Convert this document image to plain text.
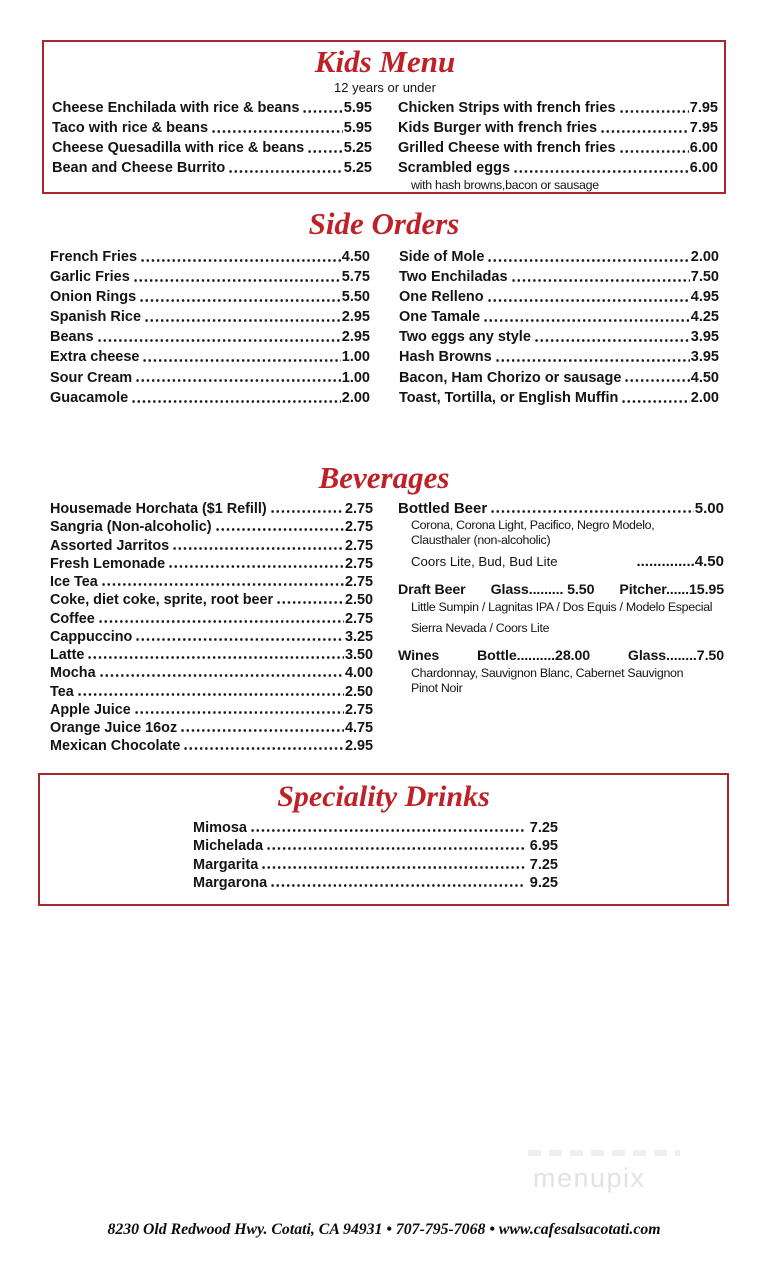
Kids Menu

12 years or under

Cheese Enchilada with rice & beans	5.95
Taco with rice & beans	5.95
Cheese Quesadilla with rice & beans	5.25
Bean and Cheese Burrito	5.25
Chicken Strips with french fries	7.95
Kids Burger with french fries	7.95
Grilled Cheese with french fries	6.00
Scrambled eggs	6.00

with hash browns,bacon or sausage

Side Orders
French Fries	4.50
Garlic Fries	5.75
Onion Rings	5.50
Spanish Rice	2.95
Beans	2.95
Extra cheese	1.00
Sour Cream	1.00
Guacamole	2.00
Side of Mole	2.00
Two Enchiladas	7.50
One Relleno	4.95
One Tamale	4.25
Two eggs any style	3.95
Hash Browns	3.95
Bacon, Ham Chorizo or sausage	4.50
Toast, Tortilla, or English Muffin	2.00
Beverages
Housemade Horchata ($1 Refill)	2.75
Sangria (Non-alcoholic)	2.75
Assorted Jarritos	2.75
Fresh Lemonade	2.75
Ice Tea	2.75
Coke, diet coke, sprite, root beer	2.50
Coffee	2.75
Cappuccino	3.25
Latte	3.50
Mocha	4.00
Tea	2.50
Apple Juice	2.75
Orange Juice 16oz	4.75
Mexican Chocolate	2.95
Bottled Beer	5.00

Corona, Corona Light, Pacifico, Negro Modelo,

Clausthaler (non-alcoholic)

Coors Lite, Bud, Bud Lite	..............4.50
Draft Beer Glass......... 5.50 Pitcher......15.95

Little Sumpin / Lagnitas IPA / Dos Equis / Modelo Especial

Sierra Nevada / Coors Lite

Wines	Bottle..........28.00	Glass........7.50

Chardonnay, Sauvignon Blanc, Cabernet Sauvignon

Pinot Noir

Speciality Drinks
Mimosa	7.25
Michelada	6.95
Margarita	7.25
Margarona	9.25
menupix
8230 Old Redwood Hwy. Cotati, CA 94931 • 707-795-7068 • www.cafesalsacotati.com
